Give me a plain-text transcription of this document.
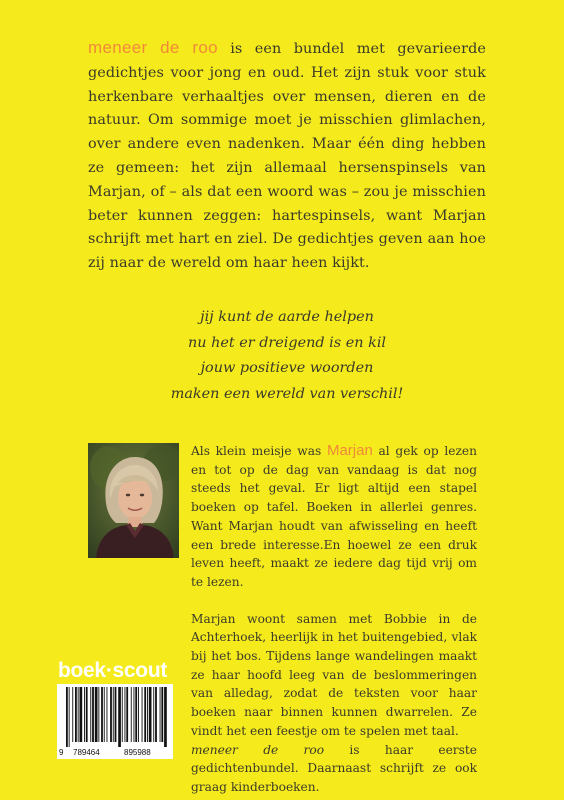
meneer de roo is een bundel met gevarieerde gedichtjes voor jong en oud. Het zijn stuk voor stuk herkenbare verhaaltjes over mensen, dieren en de natuur. Om sommige moet je misschien glimlachen, over andere even nadenken. Maar één ding hebben ze gemeen: het zijn allemaal hersenspinsels van Marjan, of – als dat een woord was – zou je misschien beter kunnen zeggen: hartespinsels, want Marjan schrijft met hart en ziel. De gedichtjes geven aan hoe zij naar de wereld om haar heen kijkt.

jij kunt de aarde helpen
nu het er dreigend is en kil
jouw positieve woorden
maken een wereld van verschil!

Als klein meisje was Marjan al gek op lezen en tot op de dag van vandaag is dat nog steeds het geval. Er ligt altijd een stapel boeken op tafel. Boeken in allerlei genres. Want Marjan houdt van afwisseling en heeft een brede interesse.En hoewel ze een druk leven heeft, maakt ze iedere dag tijd vrij om te lezen.

Marjan woont samen met Bobbie in de Achterhoek, heerlijk in het buitengebied, vlak bij het bos. Tijdens lange wandelingen maakt ze haar hoofd leeg van de beslommeringen van alledag, zodat de teksten voor haar boeken naar binnen kunnen dwarrelen. Ze vindt het een feestje om te spelen met taal.
meneer de roo is haar eerste gedichtenbundel. Daarnaast schrijft ze ook graag kinderboeken.

boek·scout
9 789464	895988
